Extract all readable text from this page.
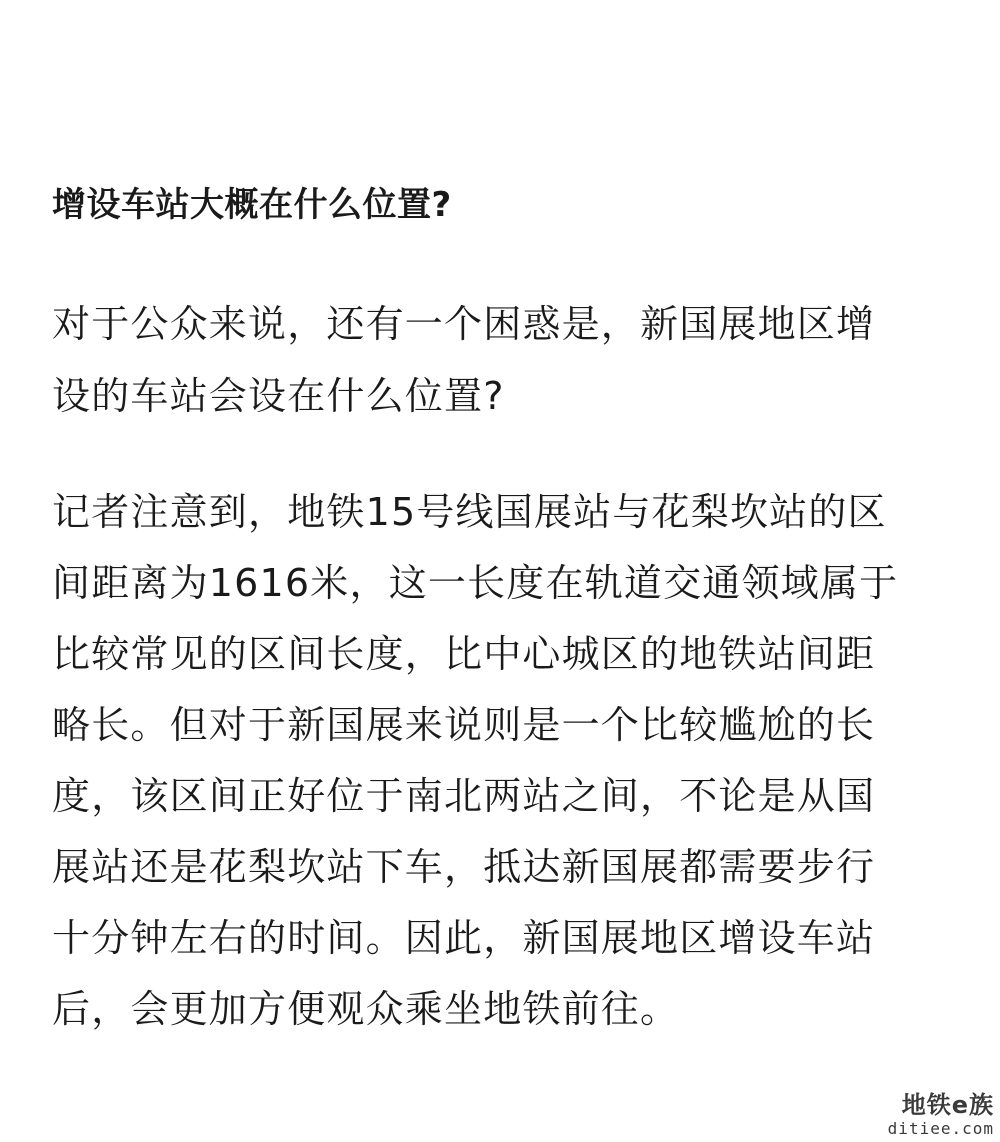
增设车站大概在什么位置?
对于公众来说，还有一个困惑是，新国展地区增
设的车站会设在什么位置?
记者注意到，地铁15号线国展站与花梨坎站的区
间距离为1616米，这一长度在轨道交通领域属于
比较常见的区间长度，比中心城区的地铁站间距
略长。但对于新国展来说则是一个比较尴尬的长
度，该区间正好位于南北两站之间，不论是从国
展站还是花梨坎站下车，抵达新国展都需要步行
十分钟左右的时间。因此，新国展地区增设车站
后，会更加方便观众乘坐地铁前往。
地铁e族
ditiee.com
